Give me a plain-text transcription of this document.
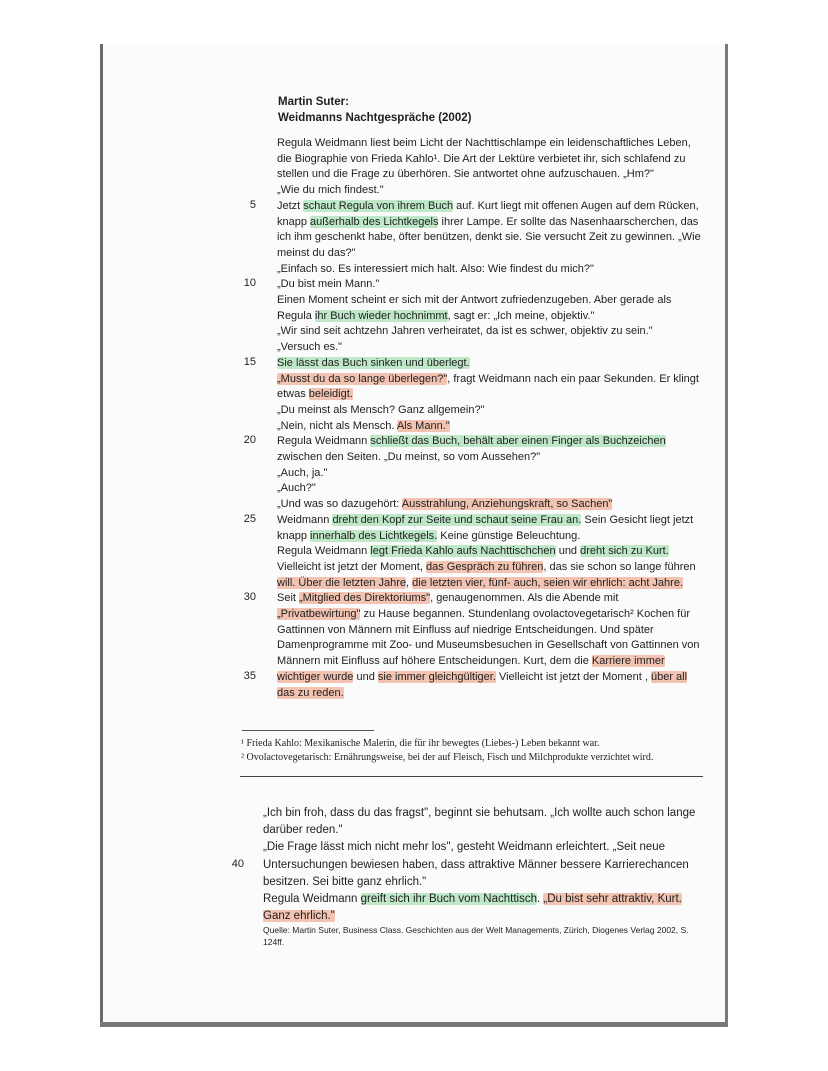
Martin Suter:
Weidmanns Nachtgespräche (2002)
Regula Weidmann liest beim Licht der Nachttischlampe ein leidenschaftliches Leben,
die Biographie von Frieda Kahlo¹. Die Art der Lektüre verbietet ihr, sich schlafend zu
stellen und die Frage zu überhören. Sie antwortet ohne aufzuschauen. „Hm?"
„Wie du mich findest."
Jetzt schaut Regula von ihrem Buch auf. Kurt liegt mit offenen Augen auf dem Rücken,
knapp außerhalb des Lichtkegels ihrer Lampe. Er sollte das Nasenhaarscherchen, das
ich ihm geschenkt habe, öfter benützen, denkt sie. Sie versucht Zeit zu gewinnen. „Wie
meinst du das?"
„Einfach so. Es interessiert mich halt. Also: Wie findest du mich?"
„Du bist mein Mann."
Einen Moment scheint er sich mit der Antwort zufriedenzugeben. Aber gerade als
Regula ihr Buch wieder hochnimmt, sagt er: „Ich meine, objektiv."
„Wir sind seit achtzehn Jahren verheiratet, da ist es schwer, objektiv zu sein."
„Versuch es."
Sie lässt das Buch sinken und überlegt.
„Musst du da so lange überlegen?", fragt Weidmann nach ein paar Sekunden. Er klingt
etwas beleidigt.
„Du meinst als Mensch? Ganz allgemein?"
„Nein, nicht als Mensch. Als Mann."
Regula Weidmann schließt das Buch, behält aber einen Finger als Buchzeichen
zwischen den Seiten. „Du meinst, so vom Aussehen?"
„Auch, ja."
„Auch?"
„Und was so dazugehört: Ausstrahlung, Anziehungskraft, so Sachen"
Weidmann dreht den Kopf zur Seite und schaut seine Frau an. Sein Gesicht liegt jetzt
knapp innerhalb des Lichtkegels. Keine günstige Beleuchtung.
Regula Weidmann legt Frieda Kahlo aufs Nachttischchen und dreht sich zu Kurt.
Vielleicht ist jetzt der Moment, das Gespräch zu führen, das sie schon so lange führen
will. Über die letzten Jahre, die letzten vier, fünf- auch, seien wir ehrlich: acht Jahre.
Seit „Mitglied des Direktoriums", genaugenommen. Als die Abende mit
„Privatbewirtung" zu Hause begannen. Stundenlang ovolactovegetarisch² Kochen für
Gattinnen von Männern mit Einfluss auf niedrige Entscheidungen. Und später
Damenprogramme mit Zoo- und Museumsbesuchen in Gesellschaft von Gattinnen von
Männern mit Einfluss auf höhere Entscheidungen. Kurt, dem die Karriere immer
wichtiger wurde und sie immer gleichgültiger. Vielleicht ist jetzt der Moment , über all
das zu reden.
„Ich bin froh, dass du das fragst", beginnt sie behutsam. „Ich wollte auch schon lange
darüber reden."
„Die Frage lässt mich nicht mehr los", gesteht Weidmann erleichtert. „Seit neue
Untersuchungen bewiesen haben, dass attraktive Männer bessere Karrierechancen
besitzen. Sei bitte ganz ehrlich."
Regula Weidmann greift sich ihr Buch vom Nachttisch. „Du bist sehr attraktiv, Kurt.
Ganz ehrlich."
5
10
15
20
25
30
35
40
¹ Frieda Kahlo: Mexikanische Malerin, die für ihr bewegtes (Liebes-) Leben bekannt war.
² Ovolactovegetarisch: Ernährungsweise, bei der auf Fleisch, Fisch und Milchprodukte verzichtet wird.
Quelle: Martin Suter, Business Class. Geschichten aus der Welt Managements, Zürich, Diogenes Verlag 2002, S. 124ff.
